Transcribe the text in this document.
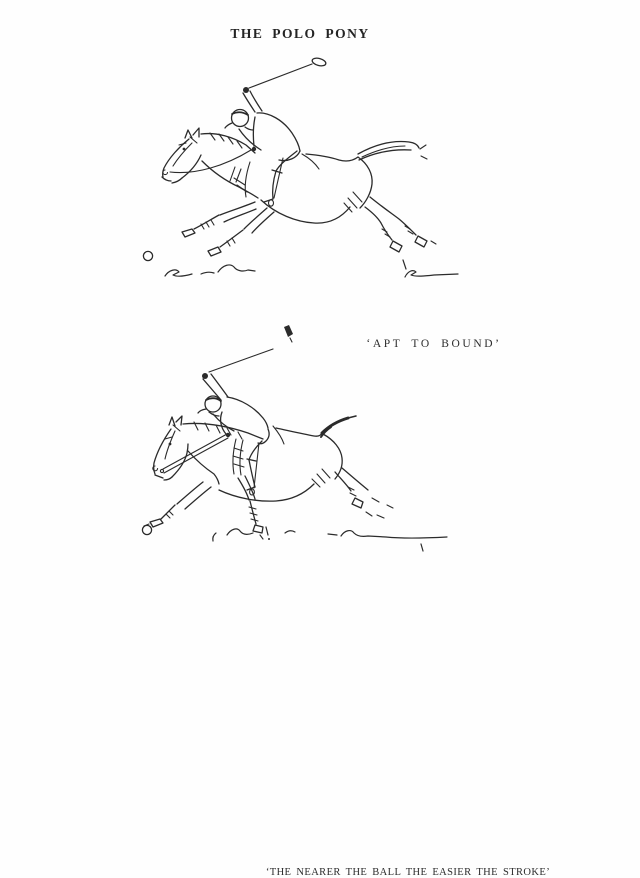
THE POLO PONY
‘APT TO BOUND’
‘THE NEARER THE BALL THE EASIER THE STROKE’
